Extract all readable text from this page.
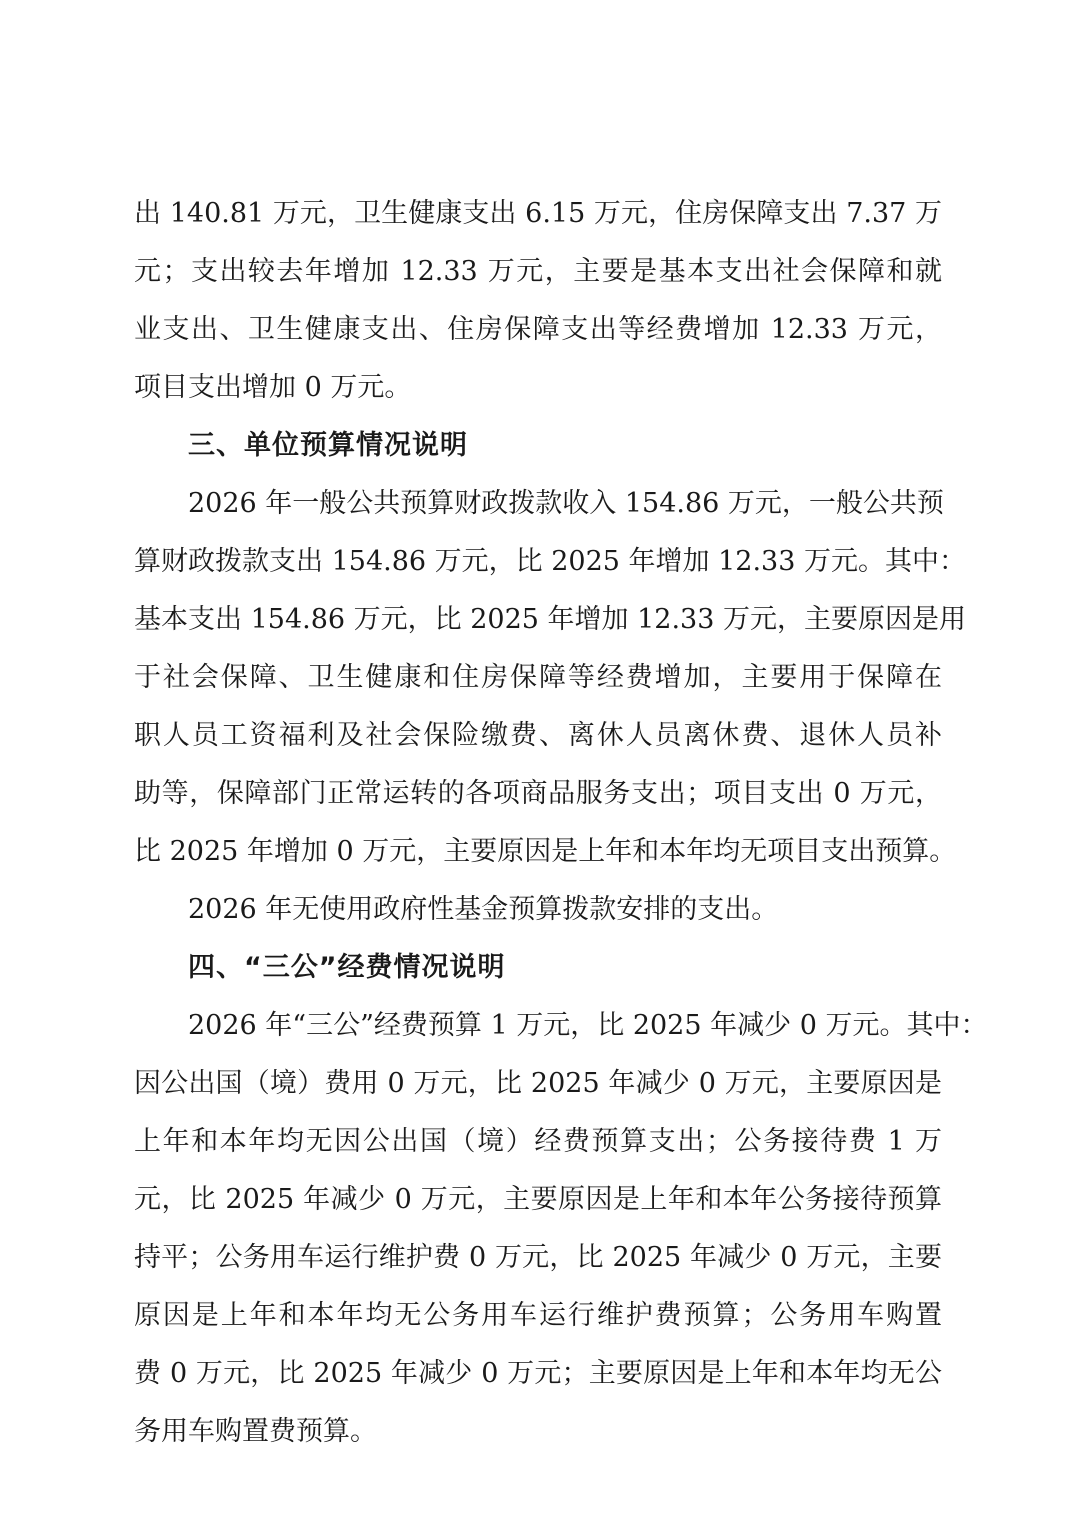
出 140.81 万元，卫生健康支出 6.15 万元，住房保障支出 7.37 万
元；支出较去年增加 12.33 万元，主要是基本支出社会保障和就
业支出、卫生健康支出、住房保障支出等经费增加 12.33 万元，
项目支出增加 0 万元。
三、单位预算情况说明
2026 年一般公共预算财政拨款收入 154.86 万元，一般公共预
算财政拨款支出 154.86 万元，比 2025 年增加 12.33 万元。其中：
基本支出 154.86 万元，比 2025 年增加 12.33 万元，主要原因是用
于社会保障、卫生健康和住房保障等经费增加，主要用于保障在
职人员工资福利及社会保险缴费、离休人员离休费、退休人员补
助等，保障部门正常运转的各项商品服务支出；项目支出 0 万元，
比 2025 年增加 0 万元，主要原因是上年和本年均无项目支出预算。
2026 年无使用政府性基金预算拨款安排的支出。
四、“三公”经费情况说明
2026 年“三公”经费预算 1 万元，比 2025 年减少 0 万元。其中：
因公出国（境）费用 0 万元，比 2025 年减少 0 万元，主要原因是
上年和本年均无因公出国（境）经费预算支出；公务接待费 1 万
元，比 2025 年减少 0 万元，主要原因是上年和本年公务接待预算
持平；公务用车运行维护费 0 万元，比 2025 年减少 0 万元，主要
原因是上年和本年均无公务用车运行维护费预算；公务用车购置
费 0 万元，比 2025 年减少 0 万元；主要原因是上年和本年均无公
务用车购置费预算。
